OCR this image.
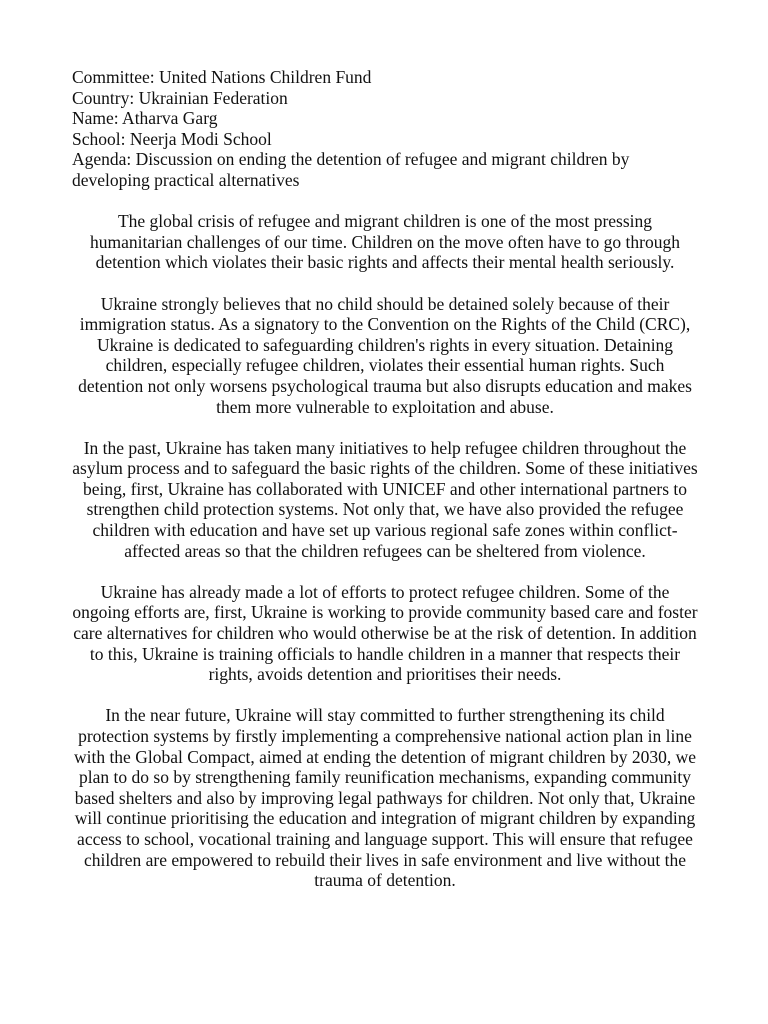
Committee: United Nations Children Fund

Country: Ukrainian Federation

Name: Atharva Garg

School: Neerja Modi School

Agenda: Discussion on ending the detention of refugee and migrant children by developing practical alternatives

The global crisis of refugee and migrant children is one of the most pressing humanitarian challenges of our time. Children on the move often have to go through detention which violates their basic rights and affects their mental health seriously.

Ukraine strongly believes that no child should be detained solely because of their immigration status. As a signatory to the Convention on the Rights of the Child (CRC), Ukraine is dedicated to safeguarding children's rights in every situation. Detaining children, especially refugee children, violates their essential human rights. Such detention not only worsens psychological trauma but also disrupts education and makes them more vulnerable to exploitation and abuse.

In the past, Ukraine has taken many initiatives to help refugee children throughout the asylum process and to safeguard the basic rights of the children. Some of these initiatives being, first, Ukraine has collaborated with UNICEF and other international partners to strengthen child protection systems. Not only that, we have also provided the refugee children with education and have set up various regional safe zones within conflict-affected areas so that the children refugees can be sheltered from violence.

Ukraine has already made a lot of efforts to protect refugee children. Some of the ongoing efforts are, first, Ukraine is working to provide community based care and foster care alternatives for children who would otherwise be at the risk of detention. In addition to this, Ukraine is training officials to handle children in a manner that respects their rights, avoids detention and prioritises their needs.

In the near future, Ukraine will stay committed to further strengthening its child protection systems by firstly implementing a comprehensive national action plan in line with the Global Compact, aimed at ending the detention of migrant children by 2030, we plan to do so by strengthening family reunification mechanisms, expanding community based shelters and also by improving legal pathways for children. Not only that, Ukraine will continue prioritising the education and integration of migrant children by expanding access to school, vocational training and language support. This will ensure that refugee children are empowered to rebuild their lives in safe environment and live without the trauma of detention.
